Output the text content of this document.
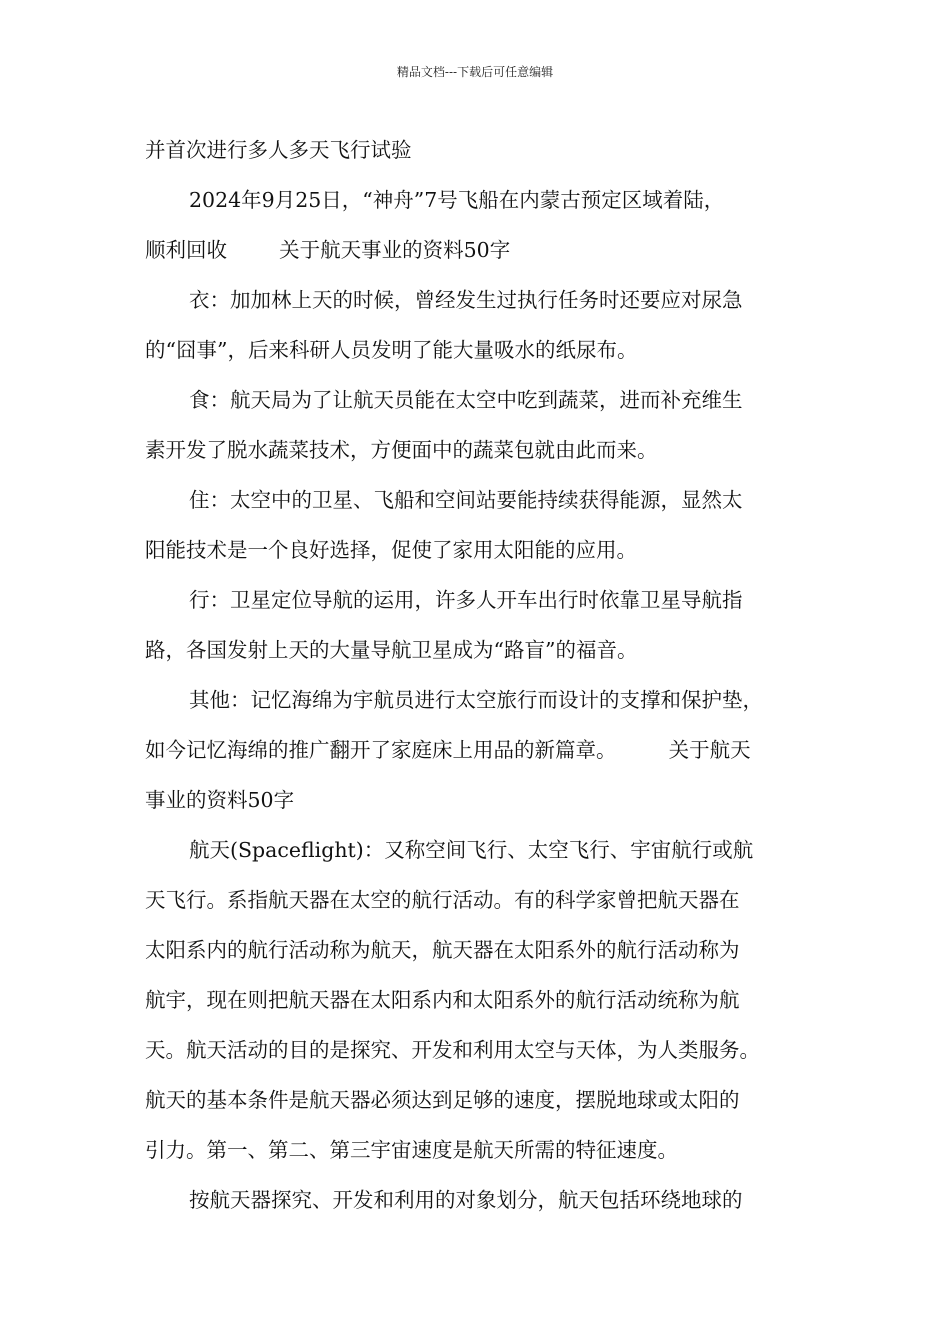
精品文档---下载后可任意编辑
并首次进行多人多天飞行试验
2024年9月25日，“神舟”7号飞船在内蒙古预定区域着陆，
顺利回收        关于航天事业的资料50字
衣：加加林上天的时候，曾经发生过执行任务时还要应对尿急
的“囧事”，后来科研人员发明了能大量吸水的纸尿布。
食：航天局为了让航天员能在太空中吃到蔬菜，进而补充维生
素开发了脱水蔬菜技术，方便面中的蔬菜包就由此而来。
住：太空中的卫星、飞船和空间站要能持续获得能源，显然太
阳能技术是一个良好选择，促使了家用太阳能的应用。
行：卫星定位导航的运用，许多人开车出行时依靠卫星导航指
路，各国发射上天的大量导航卫星成为“路盲”的福音。
其他：记忆海绵为宇航员进行太空旅行而设计的支撑和保护垫，
如今记忆海绵的推广翻开了家庭床上用品的新篇章。        关于航天
事业的资料50字
航天(Spaceflight)：又称空间飞行、太空飞行、宇宙航行或航
天飞行。系指航天器在太空的航行活动。有的科学家曾把航天器在
太阳系内的航行活动称为航天，航天器在太阳系外的航行活动称为
航宇，现在则把航天器在太阳系内和太阳系外的航行活动统称为航
天。航天活动的目的是探究、开发和利用太空与天体，为人类服务。
航天的基本条件是航天器必须达到足够的速度，摆脱地球或太阳的
引力。第一、第二、第三宇宙速度是航天所需的特征速度。
按航天器探究、开发和利用的对象划分，航天包括环绕地球的
